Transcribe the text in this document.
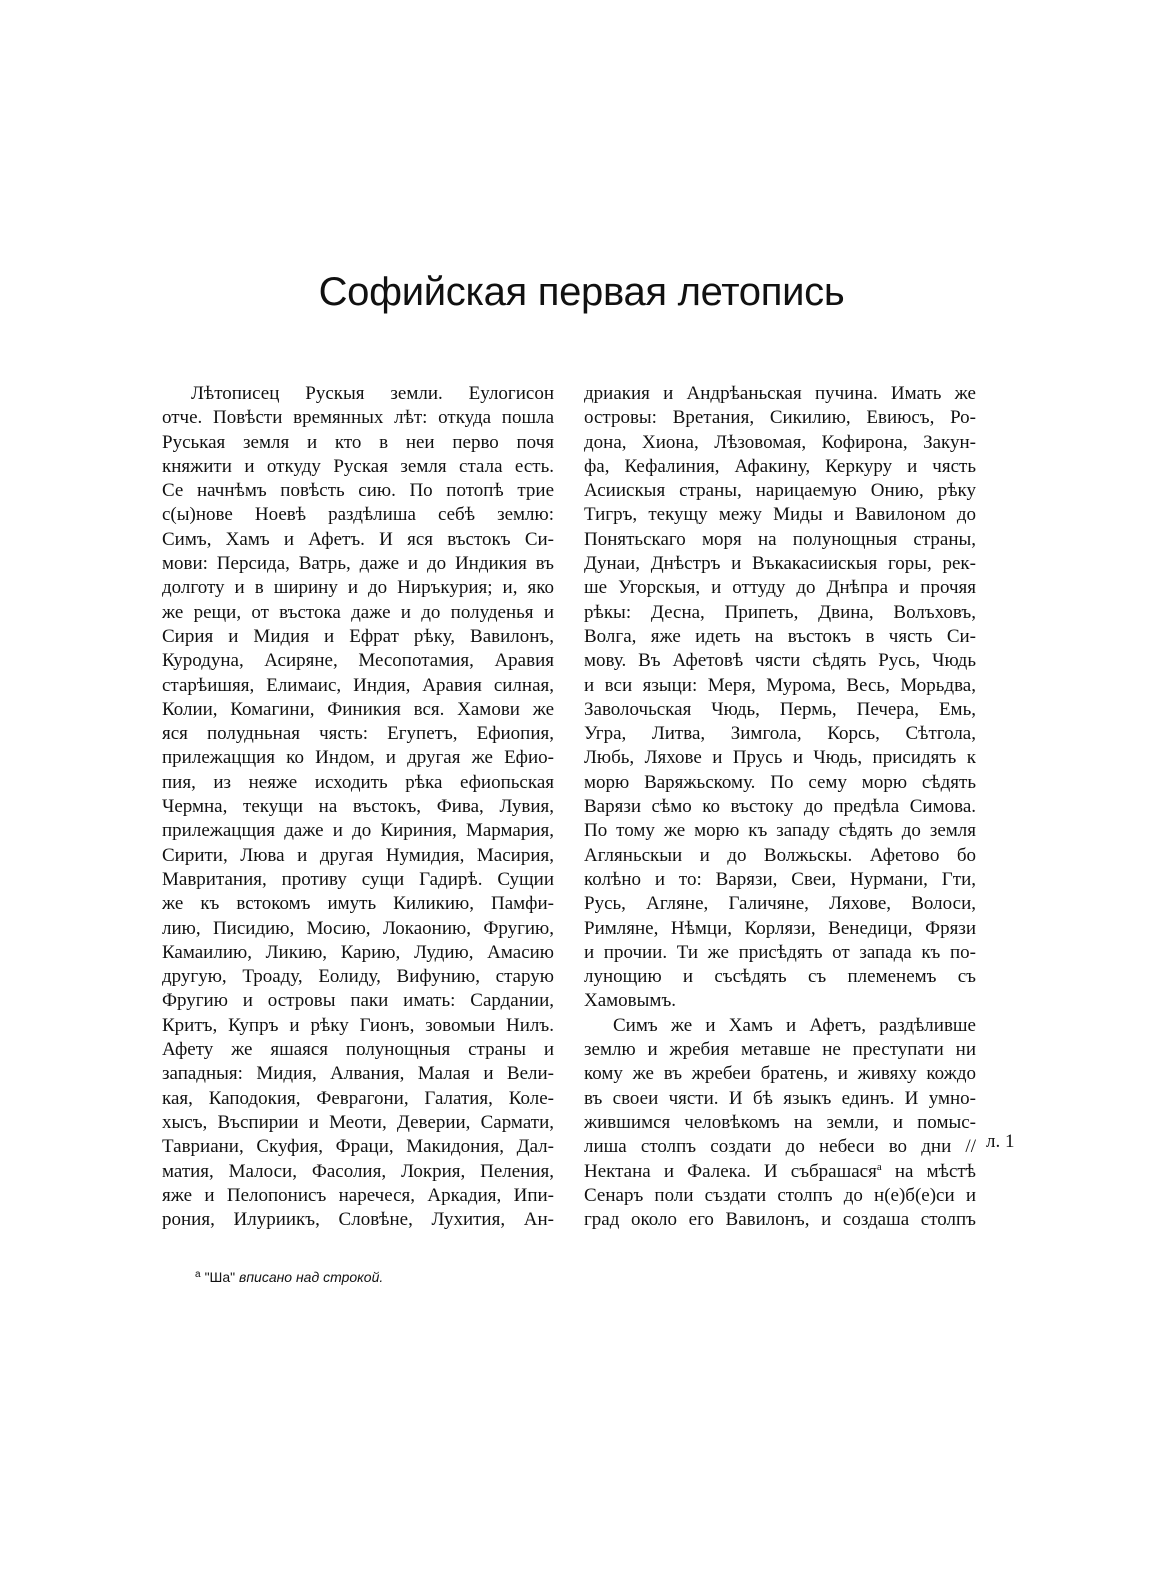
Софийская первая летопись
Лѣтописец Рускыя земли. Еулогисон
отче. Повѣсти времянных лѣт: откуда пошла
Руськая земля и кто в неи перво почя
княжити и откуду Руская земля стала есть.
Се начнѣмъ повѣсть сию. По потопѣ трие
с(ы)нове Ноевѣ раздѣлиша себѣ землю:
Симъ, Хамъ и Афетъ. И яся въстокъ Си-
мови: Персида, Ватрь, даже и до Индикия въ
долготу и в ширину и до Ниръкурия; и, яко
же рещи, от въстока даже и до полуденья и
Сирия и Мидия и Ефрат рѣку, Вавилонъ,
Куродуна, Асиряне, Месопотамия, Аравия
старѣишяя, Елимаис, Индия, Аравия силная,
Колии, Комагини, Финикия вся. Хамови же
яся полудньная чясть: Егупетъ, Ефиопия,
прилежацщия ко Индом, и другая же Ефио-
пия, из неяже исходить рѣка ефиопьская
Чермна, текущи на въстокъ, Фива, Лувия,
прилежацщия даже и до Кириния, Мармария,
Сирити, Люва и другая Нумидия, Масирия,
Мавритания, противу сущи Гадирѣ. Сущии
же къ встокомъ имуть Киликию, Памфи-
лию, Писидию, Мосию, Локаонию, Фругию,
Камаилию, Ликию, Карию, Лудию, Амасию
другую, Троаду, Еолиду, Вифунию, старую
Фругию и островы паки имать: Сардании,
Критъ, Купръ и рѣку Гионъ, зовомыи Нилъ.
Афету же яшаяся полунощныя страны и
западныя: Мидия, Алвания, Малая и Вели-
кая, Каподокия, Феврагони, Галатия, Коле-
хысъ, Въспирии и Меоти, Деверии, Сармати,
Тавриани, Скуфия, Фраци, Макидония, Дал-
матия, Малоси, Фасолия, Локрия, Пеления,
яже и Пелопонисъ наречеся, Аркадия, Ипи-
рония, Илуриикъ, Словѣне, Лухития, Ан-
дриакия и Андрѣаньская пучина. Имать же
островы: Вретания, Сикилию, Евиюсъ, Ро-
дона, Хиона, Лѣзовомая, Кофирона, Закун-
фа, Кефалиния, Афакину, Керкуру и чясть
Асиискыя страны, нарицаемую Онию, рѣку
Тигръ, текущу межу Миды и Вавилоном до
Понятьскаго моря на полунощныя страны,
Дунаи, Днѣстръ и Въкакасиискыя горы, рек-
ше Угорскыя, и оттуду до Днѣпра и прочяя
рѣкы: Десна, Припеть, Двина, Волъховъ,
Волга, яже идеть на въстокъ в чясть Си-
мову. Въ Афетовѣ чясти сѣдять Русь, Чюдь
и вси языци: Меря, Мурома, Весь, Морьдва,
Заволочьская Чюдь, Пермь, Печера, Емь,
Угра, Литва, Зимгола, Корсь, Сѣтгола,
Любь, Ляхове и Прусь и Чюдь, присидять к
морю Варяжьскому. По сему морю сѣдять
Варязи сѣмо ко въстоку до предѣла Симова.
По тому же морю къ западу сѣдять до земля
Агляньскыи и до Волжьскы. Афетово бо
колѣно и то: Варязи, Свеи, Нурмани, Гти,
Русь, Агляне, Галичяне, Ляхове, Волоси,
Римляне, Нѣмци, Корлязи, Венедици, Фрязи
и прочии. Ти же присѣдять от запада къ по-
лунощию и съсѣдять съ племенемъ съ
Хамовымъ.
Симъ же и Хамъ и Афетъ, раздѣливше
землю и жребия метавше не преступати ни
кому же въ жребеи братень, и живяху кождо
въ своеи чясти. И бѣ языкъ единъ. И умно-
жившимся человѣкомъ на земли, и помыс-
лиша столпъ создати до небеси во дни //
Нектана и Фалека. И събрашася$^а$ на мѣстѣ
Сенаръ поли създати столпъ до н(е)б(е)си и
град около его Вавилонъ, и создаша столпъ
л. 1
$^а$ "Ша" вписано над строкой.
